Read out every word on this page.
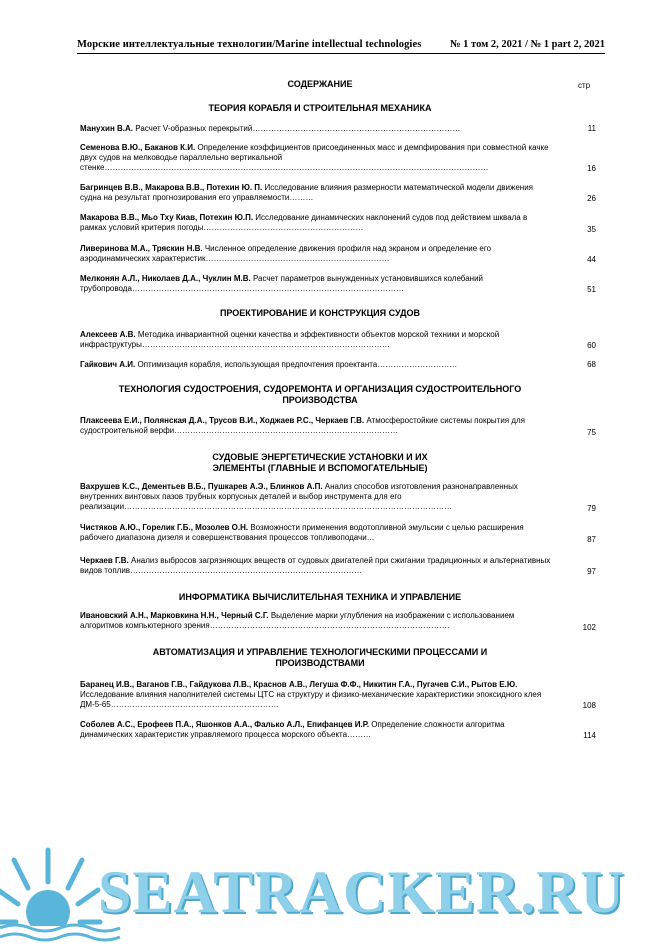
Морские интеллектуальные технологии/Marine intellectual technologies	№ 1 том 2, 2021 / № 1 part 2, 2021
СОДЕРЖАНИЕ	стр
ТЕОРИЯ КОРАБЛЯ И СТРОИТЕЛЬНАЯ МЕХАНИКА
ПРОЕКТИРОВАНИЕ И КОНСТРУКЦИЯ СУДОВ
ТЕХНОЛОГИЯ СУДОСТРОЕНИЯ, СУДОРЕМОНТА И ОРГАНИЗАЦИЯ СУДОСТРОИТЕЛЬНОГО ПРОИЗВОДСТВА
СУДОВЫЕ ЭНЕРГЕТИЧЕСКИЕ УСТАНОВКИ И ИХ ЭЛЕМЕНТЫ (ГЛАВНЫЕ И ВСПОМОГАТЕЛЬНЫЕ)
ИНФОРМАТИКА ВЫЧИСЛИТЕЛЬНАЯ ТЕХНИКА И УПРАВЛЕНИЕ
АВТОМАТИЗАЦИЯ И УПРАВЛЕНИЕ ТЕХНОЛОГИЧЕСКИМИ ПРОЦЕССАМИ И ПРОИЗВОДСТВАМИ
Манухин В.А. Расчет V-образных перекрытий……………………………………………………………………	11
Семенова В.Ю., Баканов К.И. Определение коэффициентов присоединенных масс и демпфирования при совместной качке двух судов на мелководье параллельно вертикальной стенке………………………………………………………………………………………………………………………………	16
Багринцев В.В., Макарова В.В., Потехин Ю. П. Исследование влияния размерности математической модели движения судна на результат прогнозирования его управляемости………	26
Макарова В.В., Мьо Тху Киав, Потехин Ю.П. Исследование динамических наклонений судов под действием шквала в рамках условий критерия погоды……………………………………………………	35
Ливеринова М.А., Тряскин Н.В. Численное определение движения профиля над экраном и определение его аэродинамических характеристик……………………………………………………………	44
Мелконян А.Л., Николаев Д.А., Чуклин М.В. Расчет параметров вынужденных установившихся колебаний трубопровода…………………………………………………………………………………………	51
Алексеев А.В. Методика инвариантной оценки качества и эффективности объектов морской техники и морской инфраструктуры…………………………………………………………………………………	60
Гайкович А.И. Оптимизация корабля, использующая предпочтения проектанта…………………………	68
Плаксеева Е.И., Полянская Д.А., Трусов В.И., Ходжаев Р.С., Черкаев Г.В. Атмосферостойкие системы покрытия для судостроительной верфи…………………………………………………………………………	75
Вахрушев К.С., Дементьев В.Б., Пушкарев А.Э., Блинков А.П. Анализ способов изготовления разнонаправленных внутренних винтовых пазов трубных корпусных деталей и выбор инструмента для его реализации……………………………………………………………………………………………………………	79
Чистяков А.Ю., Горелик Г.Б., Мозолев О.Н. Возможности применения водотопливной эмульсии с целью расширения рабочего диапазона дизеля и совершенствования процессов топливоподачи…	87
Черкаев Г.В. Анализ выбросов загрязняющих веществ от судовых двигателей при сжигании традиционных и альтернативных видов топлив……………………………………………………………………………	97
Ивановский А.Н., Марковкина Н.Н., Черный С.Г. Выделение марки углубления на изображении с использованием алгоритмов компьютерного зрения………………………………………………………………………………	102
Баранец И.В., Ваганов Г.В., Гайдукова Л.В., Краснов А.В., Легуша Ф.Ф., Никитин Г.А., Пугачев С.И., Рытов Е.Ю. Исследование влияния наполнителей системы ЦТС на структуру и физико-механические характеристики эпоксидного клея ДМ-5-65………………………………………………………	108
Соболев А.С., Ерофеев П.А., Яшонков А.А., Фалько А.Л., Епифанцев И.Р. Определение сложности алгоритма динамических характеристик управляемого процесса морского объекта………	114
SEATRACKER.RU
